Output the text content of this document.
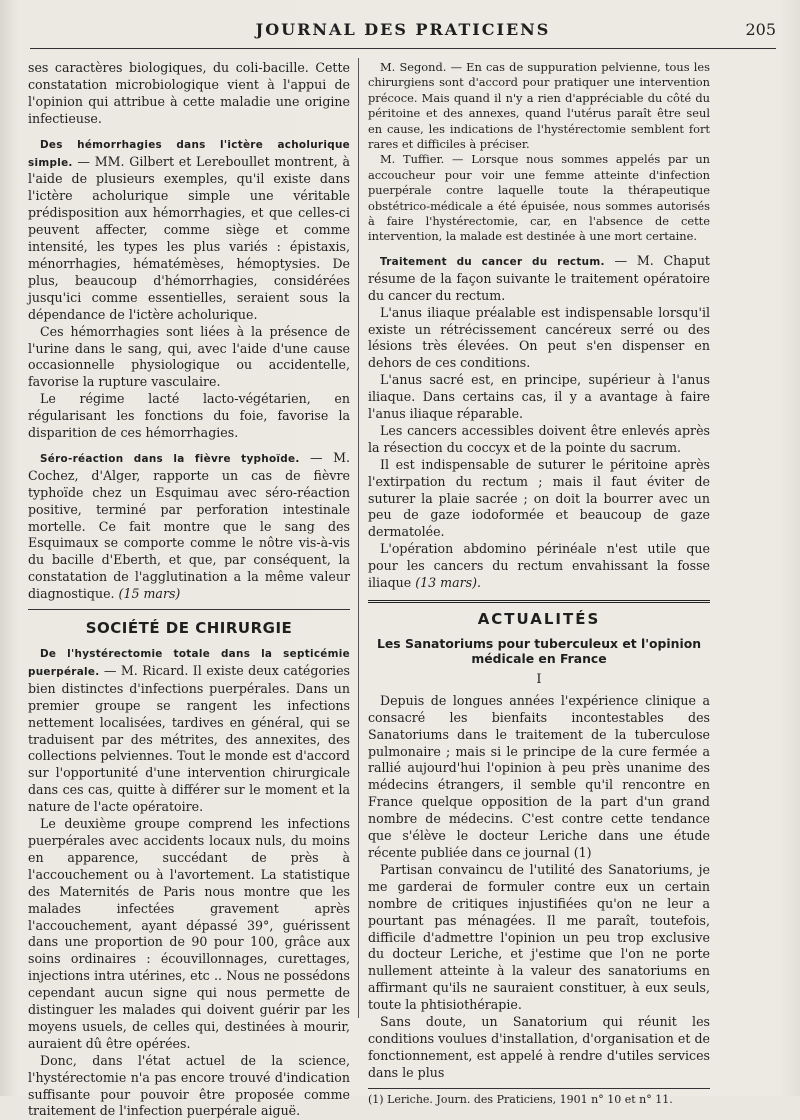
JOURNAL DES PRATICIENS	205

ses caractères biologiques, du coli-bacille. Cette constatation microbiologique vient à l'appui de l'opinion qui attribue à cette maladie une origine infectieuse.

Des hémorrhagies dans l'ictère acholurique simple. — MM. Gilbert et Lereboullet montrent, à l'aide de plusieurs exemples, qu'il existe dans l'ictère acholurique simple une véritable prédisposition aux hémorrhagies, et que celles-ci peuvent affecter, comme siège et comme intensité, les types les plus variés : épistaxis, ménorrhagies, hématémèses, hémoptysies. De plus, beaucoup d'hémorrhagies, considérées jusqu'ici comme essentielles, seraient sous la dépendance de l'ictère acholurique.

Ces hémorrhagies sont liées à la présence de l'urine dans le sang, qui, avec l'aide d'une cause occasionnelle physiologique ou accidentelle, favorise la rupture vasculaire.

Le régime lacté lacto-végétarien, en régularisant les fonctions du foie, favorise la disparition de ces hémorrhagies.

Séro-réaction dans la fièvre typhoïde. — M. Cochez, d'Alger, rapporte un cas de fièvre typhoïde chez un Esquimau avec séro-réaction positive, terminé par perforation intestinale mortelle. Ce fait montre que le sang des Esquimaux se comporte comme le nôtre vis-à-vis du bacille d'Eberth, et que, par conséquent, la constatation de l'agglutination a la même valeur diagnostique. (15 mars)

SOCIÉTÉ DE CHIRURGIE

De l'hystérectomie totale dans la septicémie puerpérale. — M. Ricard. Il existe deux catégories bien distinctes d'infections puerpérales. Dans un premier groupe se rangent les infections nettement localisées, tardives en général, qui se traduisent par des métrites, des annexites, des collections pelviennes. Tout le monde est d'accord sur l'opportunité d'une intervention chirurgicale dans ces cas, quitte à différer sur le moment et la nature de l'acte opératoire.

Le deuxième groupe comprend les infections puerpérales avec accidents locaux nuls, du moins en apparence, succédant de près à l'accouchement ou à l'avortement. La statistique des Maternités de Paris nous montre que les malades infectées gravement après l'accouchement, ayant dépassé 39°, guérissent dans une proportion de 90 pour 100, grâce aux soins ordinaires : écouvillonnages, curettages, injections intra utérines, etc .. Nous ne possédons cependant aucun signe qui nous permette de distinguer les malades qui doivent guérir par les moyens usuels, de celles qui, destinées à mourir, auraient dû être opérées.

Donc, dans l'état actuel de la science, l'hystérectomie n'a pas encore trouvé d'indication suffisante pour pouvoir être proposée comme traitement de l'infection puerpérale aiguë.

M. Segond. — En cas de suppuration pelvienne, tous les chirurgiens sont d'accord pour pratiquer une intervention précoce. Mais quand il n'y a rien d'appréciable du côté du péritoine et des annexes, quand l'utérus paraît être seul en cause, les indications de l'hystérectomie semblent fort rares et difficiles à préciser.

M. Tuffier. — Lorsque nous sommes appelés par un accoucheur pour voir une femme atteinte d'infection puerpérale contre laquelle toute la thérapeutique obstétrico-médicale a été épuisée, nous sommes autorisés à faire l'hystérectomie, car, en l'absence de cette intervention, la malade est destinée à une mort certaine.

Traitement du cancer du rectum. — M. Chaput résume de la façon suivante le traitement opératoire du cancer du rectum.

L'anus iliaque préalable est indispensable lorsqu'il existe un rétrécissement cancéreux serré ou des lésions très élevées. On peut s'en dispenser en dehors de ces conditions.

L'anus sacré est, en principe, supérieur à l'anus iliaque. Dans certains cas, il y a avantage à faire l'anus iliaque réparable.

Les cancers accessibles doivent être enlevés après la résection du coccyx et de la pointe du sacrum.

Il est indispensable de suturer le péritoine après l'extirpation du rectum ; mais il faut éviter de suturer la plaie sacrée ; on doit la bourrer avec un peu de gaze iodoformée et beaucoup de gaze dermatolée.

L'opération abdomino périnéale n'est utile que pour les cancers du rectum envahissant la fosse iliaque (13 mars).

ACTUALITÉS
Les Sanatoriums pour tuberculeux et l'opinion médicale en France
I

Depuis de longues années l'expérience clinique a consacré les bienfaits incontestables des Sanatoriums dans le traitement de la tuberculose pulmonaire ; mais si le principe de la cure fermée a rallié aujourd'hui l'opinion à peu près unanime des médecins étrangers, il semble qu'il rencontre en France quelque opposition de la part d'un grand nombre de médecins. C'est contre cette tendance que s'élève le docteur Leriche dans une étude récente publiée dans ce journal (1)

Partisan convaincu de l'utilité des Sanatoriums, je me garderai de formuler contre eux un certain nombre de critiques injustifiées qu'on ne leur a pourtant pas ménagées. Il me paraît, toutefois, difficile d'admettre l'opinion un peu trop exclusive du docteur Leriche, et j'estime que l'on ne porte nullement atteinte à la valeur des sanatoriums en affirmant qu'ils ne sauraient constituer, à eux seuls, toute la phtisiothérapie.

Sans doute, un Sanatorium qui réunit les conditions voulues d'installation, d'organisation et de fonctionnement, est appelé à rendre d'utiles services dans le plus

(1) Leriche. Journ. des Praticiens, 1901 n° 10 et n° 11.
